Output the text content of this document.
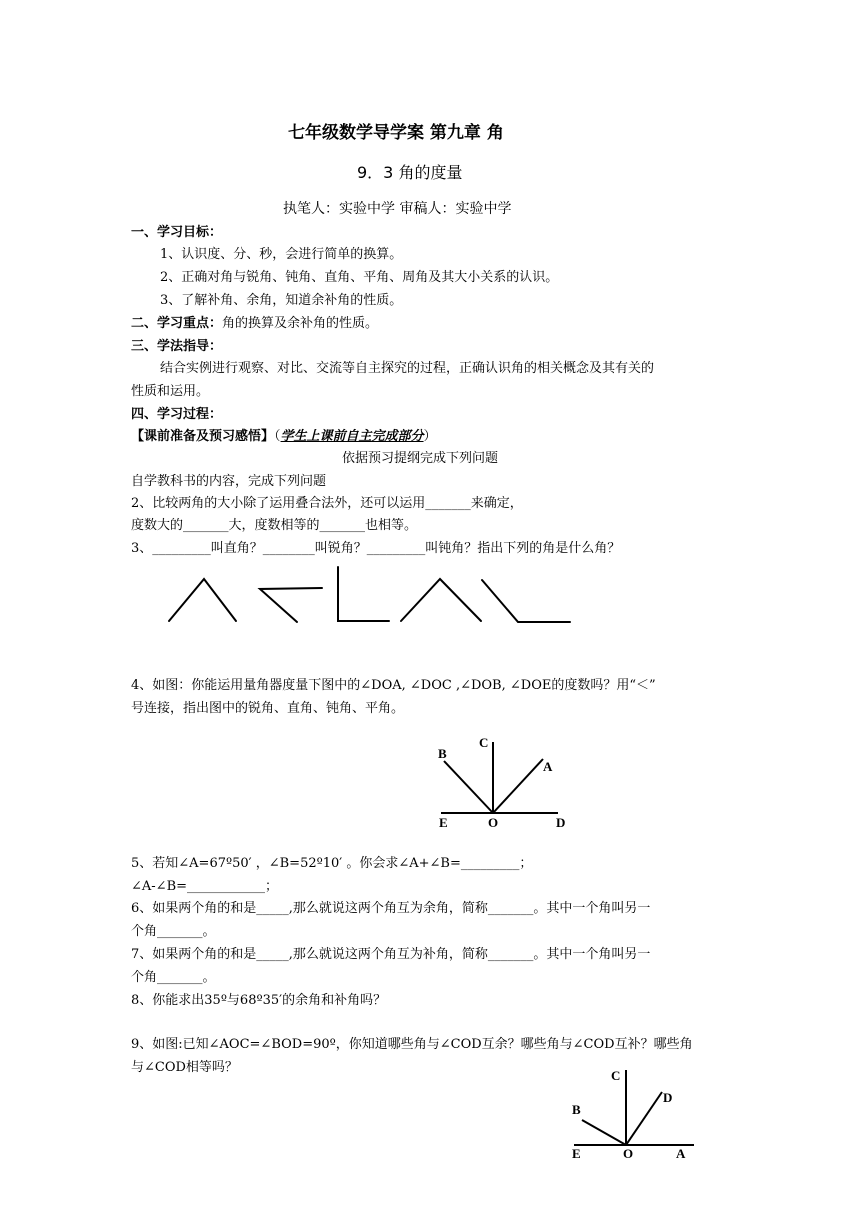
七年级数学导学案 第九章 角
9．3 角的度量
执笔人：实验中学 审稿人：实验中学
一、学习目标：
1、认识度、分、秒，会进行简单的换算。
2、正确对角与锐角、钝角、直角、平角、周角及其大小关系的认识。
3、了解补角、余角，知道余补角的性质。
二、学习重点：角的换算及余补角的性质。
三、学法指导：
结合实例进行观察、对比、交流等自主探究的过程，正确认识角的相关概念及其有关的
性质和运用。
四、学习过程：
【课前准备及预习感悟】（学生上课前自主完成部分）
依据预习提纲完成下列问题
自学教科书的内容，完成下列问题
2、比较两角的大小除了运用叠合法外，还可以运用_______来确定，
度数大的_______大，度数相等的_______也相等。
3、_________叫直角？________叫锐角？_________叫钝角？指出下列的角是什么角？
4、如图：你能运用量角器度量下图中的∠DOA, ∠DOC ,∠DOB, ∠DOE的度数吗？用“＜”
号连接，指出图中的锐角、直角、钝角、平角。
B
C
A
E	O	D
5、若知∠A=67º50′ ，∠B=52º10′ 。你会求∠A+∠B=_________；
∠A-∠B=____________；
6、如果两个角的和是_____,那么就说这两个角互为余角，简称_______。其中一个角叫另一
个角_______。
7、如果两个角的和是_____,那么就说这两个角互为补角，简称_______。其中一个角叫另一
个角_______。
8、你能求出35º与68º35′的余角和补角吗？
9、如图:已知∠AOC=∠BOD=90º，你知道哪些角与∠COD互余？哪些角与∠COD互补？哪些角
与∠COD相等吗？
C
D
B
E	O	A
